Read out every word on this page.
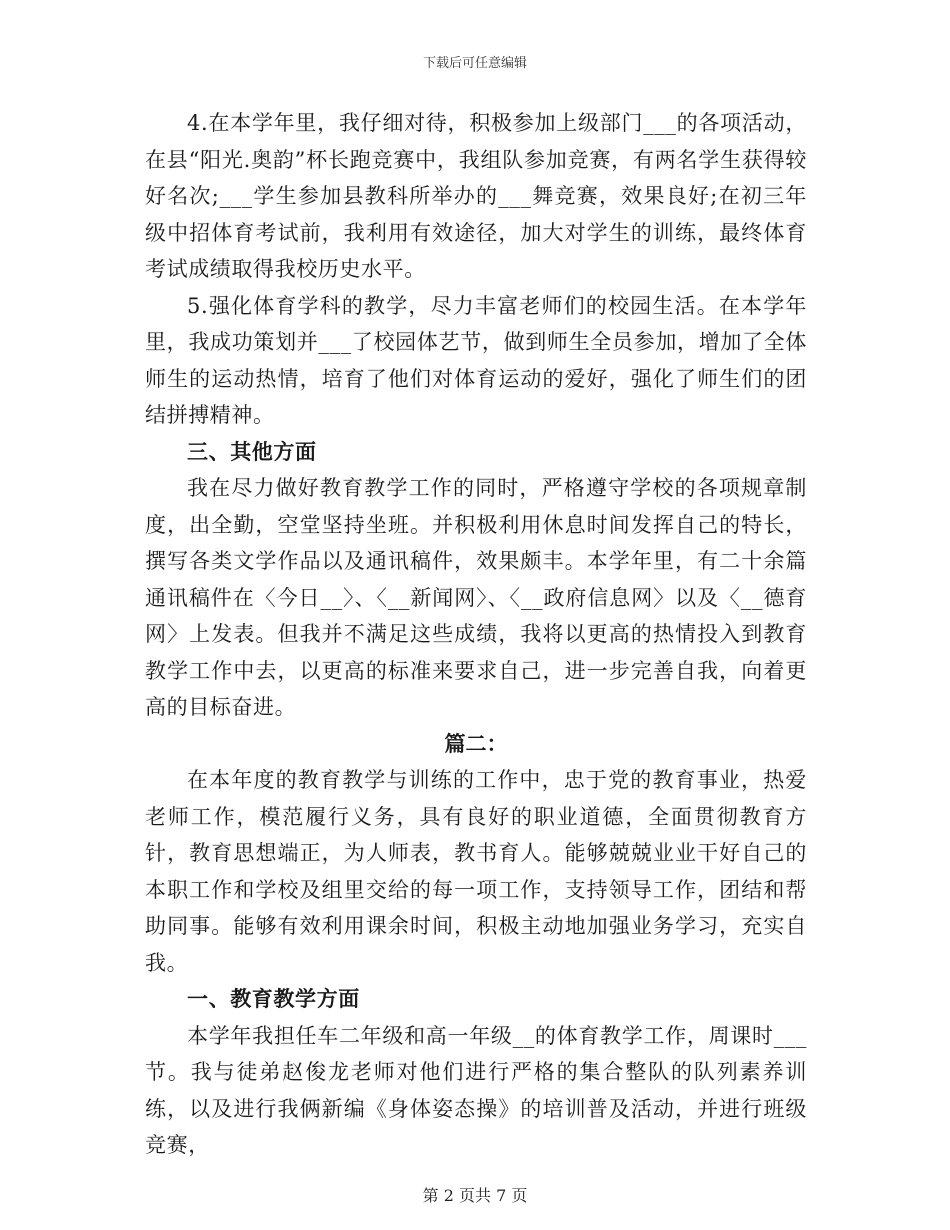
下载后可任意编辑

4.在本学年里，我仔细对待，积极参加上级部门___的各项活动，在县“阳光.奥韵”杯长跑竞赛中，我组队参加竞赛，有两名学生获得较好名次;___学生参加县教科所举办的___舞竞赛，效果良好;在初三年级中招体育考试前，我利用有效途径，加大对学生的训练，最终体育考试成绩取得我校历史水平。

5.强化体育学科的教学，尽力丰富老师们的校园生活。在本学年里，我成功策划并___了校园体艺节，做到师生全员参加，增加了全体师生的运动热情，培育了他们对体育运动的爱好，强化了师生们的团结拼搏精神。

三、其他方面

我在尽力做好教育教学工作的同时，严格遵守学校的各项规章制度，出全勤，空堂坚持坐班。并积极利用休息时间发挥自己的特长，撰写各类文学作品以及通讯稿件，效果颇丰。本学年里，有二十余篇通讯稿件在〈今日__〉、〈__新闻网〉、〈__政府信息网〉以及〈__德育网〉上发表。但我并不满足这些成绩，我将以更高的热情投入到教育教学工作中去，以更高的标准来要求自己，进一步完善自我，向着更高的目标奋进。

篇二：

在本年度的教育教学与训练的工作中，忠于党的教育事业，热爱老师工作，模范履行义务，具有良好的职业道德，全面贯彻教育方针，教育思想端正，为人师表，教书育人。能够兢兢业业干好自己的本职工作和学校及组里交给的每一项工作，支持领导工作，团结和帮助同事。能够有效利用课余时间，积极主动地加强业务学习，充实自我。

一、教育教学方面

本学年我担任车二年级和高一年级__的体育教学工作，周课时___节。我与徒弟赵俊龙老师对他们进行严格的集合整队的队列素养训练，以及进行我俩新编《身体姿态操》的培训普及活动，并进行班级竞赛，

第 2 页共 7 页
